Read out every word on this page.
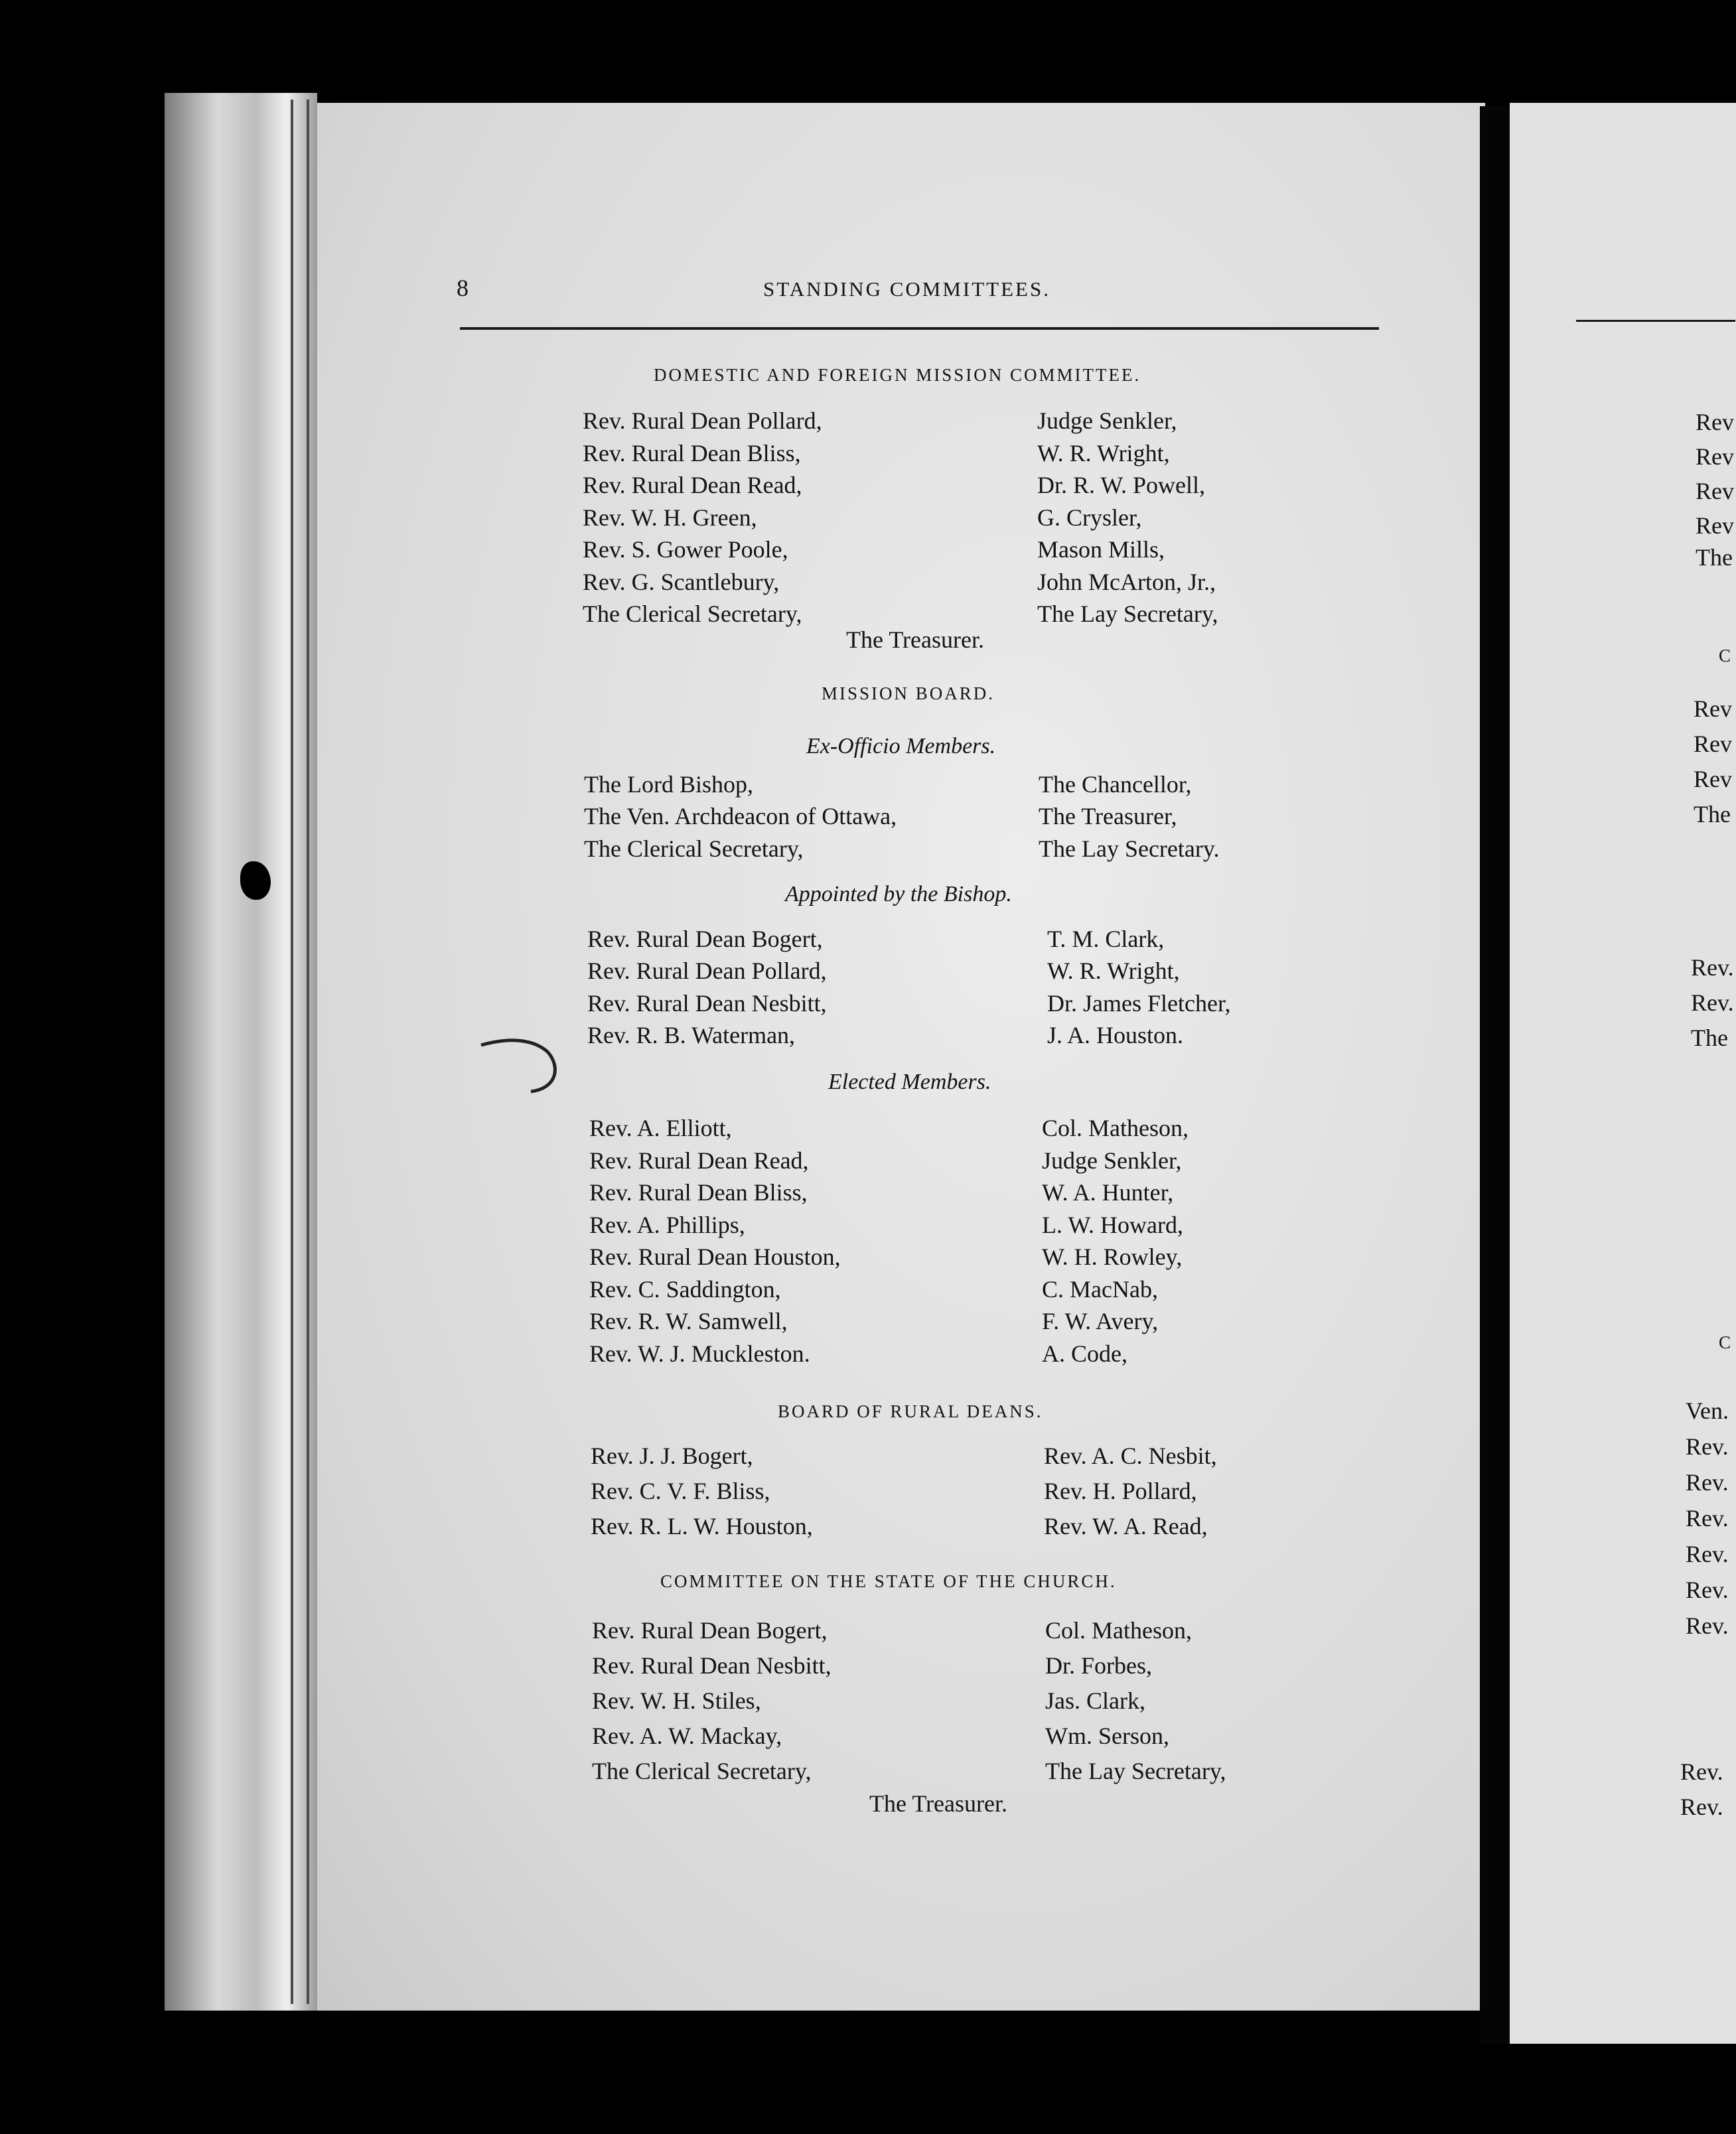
8	STANDING COMMITTEES.
DOMESTIC AND FOREIGN MISSION COMMITTEE.
Rev. Rural Dean Pollard,
Rev. Rural Dean Bliss,
Rev. Rural Dean Read,
Rev. W. H. Green,
Rev. S. Gower Poole,
Rev. G. Scantlebury,
The Clerical Secretary,
Judge Senkler,
W. R. Wright,
Dr. R. W. Powell,
G. Crysler,
Mason Mills,
John McArton, Jr.,
The Lay Secretary,
The Treasurer.
MISSION BOARD.
Ex-Officio Members.
The Lord Bishop,
The Ven. Archdeacon of Ottawa,
The Clerical Secretary,
The Chancellor,
The Treasurer,
The Lay Secretary.
Appointed by the Bishop.
Rev. Rural Dean Bogert,
Rev. Rural Dean Pollard,
Rev. Rural Dean Nesbitt,
Rev. R. B. Waterman,
T. M. Clark,
W. R. Wright,
Dr. James Fletcher,
J. A. Houston.
Elected Members.
Rev. A. Elliott,
Rev. Rural Dean Read,
Rev. Rural Dean Bliss,
Rev. A. Phillips,
Rev. Rural Dean Houston,
Rev. C. Saddington,
Rev. R. W. Samwell,
Rev. W. J. Muckleston.
Col. Matheson,
Judge Senkler,
W. A. Hunter,
L. W. Howard,
W. H. Rowley,
C. MacNab,
F. W. Avery,
A. Code,
BOARD OF RURAL DEANS.
Rev. J. J. Bogert,
Rev. C. V. F. Bliss,
Rev. R. L. W. Houston,
Rev. A. C. Nesbit,
Rev. H. Pollard,
Rev. W. A. Read,
COMMITTEE ON THE STATE OF THE CHURCH.
Rev. Rural Dean Bogert,
Rev. Rural Dean Nesbitt,
Rev. W. H. Stiles,
Rev. A. W. Mackay,
The Clerical Secretary,
Col. Matheson,
Dr. Forbes,
Jas. Clark,
Wm. Serson,
The Lay Secretary,
The Treasurer.
Rev
Rev
Rev
Rev
The
C
Rev
Rev
Rev
The
Rev.
Rev.
The
C
Ven.
Rev.
Rev.
Rev.
Rev.
Rev.
Rev.
Rev.
Rev.
